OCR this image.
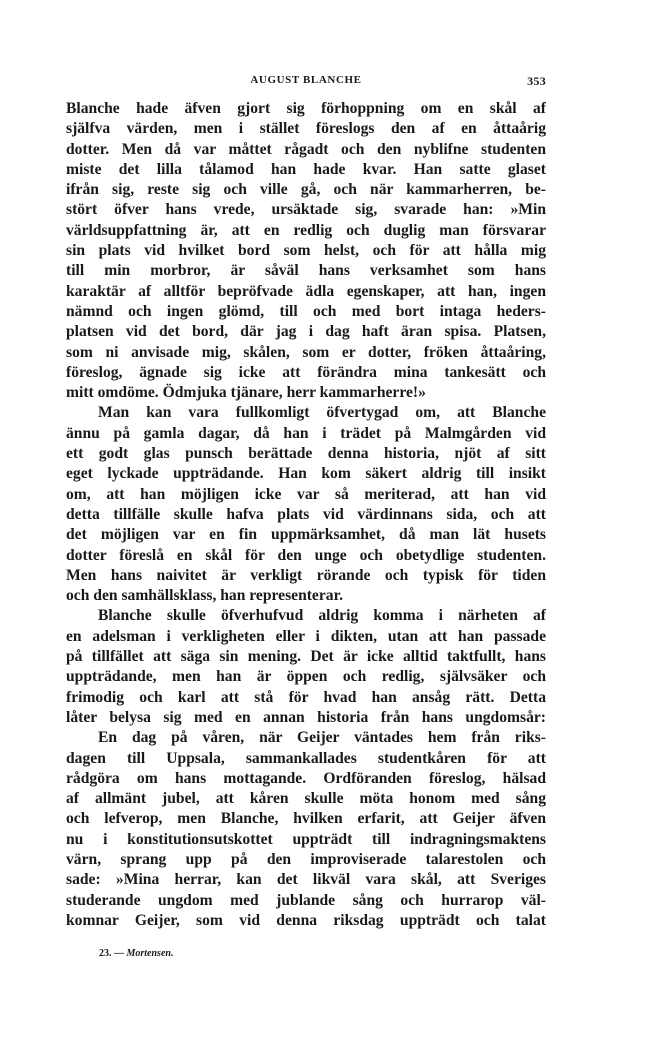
AUGUST BLANCHE	353
Blanche hade äfven gjort sig förhoppning om en skål af
själfva värden, men i stället föreslogs den af en åttaårig
dotter. Men då var måttet rågadt och den nyblifne studenten
miste det lilla tålamod han hade kvar. Han satte glaset
ifrån sig, reste sig och ville gå, och när kammarherren, be-
stört öfver hans vrede, ursäktade sig, svarade han: »Min
världsuppfattning är, att en redlig och duglig man försvarar
sin plats vid hvilket bord som helst, och för att hålla mig
till min morbror, är såväl hans verksamhet som hans
karaktär af alltför bepröfvade ädla egenskaper, att han, ingen
nämnd och ingen glömd, till och med bort intaga heders-
platsen vid det bord, där jag i dag haft äran spisa. Platsen,
som ni anvisade mig, skålen, som er dotter, fröken åttaåring,
föreslog, ägnade sig icke att förändra mina tankesätt och
mitt omdöme. Ödmjuka tjänare, herr kammarherre!»
Man kan vara fullkomligt öfvertygad om, att Blanche
ännu på gamla dagar, då han i trädet på Malmgården vid
ett godt glas punsch berättade denna historia, njöt af sitt
eget lyckade uppträdande. Han kom säkert aldrig till insikt
om, att han möjligen icke var så meriterad, att han vid
detta tillfälle skulle hafva plats vid värdinnans sida, och att
det möjligen var en fin uppmärksamhet, då man lät husets
dotter föreslå en skål för den unge och obetydlige studenten.
Men hans naivitet är verkligt rörande och typisk för tiden
och den samhällsklass, han representerar.
Blanche skulle öfverhufvud aldrig komma i närheten af
en adelsman i verkligheten eller i dikten, utan att han passade
på tillfället att säga sin mening. Det är icke alltid taktfullt, hans
uppträdande, men han är öppen och redlig, självsäker och
frimodig och karl att stå för hvad han ansåg rätt. Detta
låter belysa sig med en annan historia från hans ungdomsår:
En dag på våren, när Geijer väntades hem från riks-
dagen till Uppsala, sammankallades studentkåren för att
rådgöra om hans mottagande. Ordföranden föreslog, hälsad
af allmänt jubel, att kåren skulle möta honom med sång
och lefverop, men Blanche, hvilken erfarit, att Geijer äfven
nu i konstitutionsutskottet uppträdt till indragningsmaktens
värn, sprang upp på den improviserade talarestolen och
sade: »Mina herrar, kan det likväl vara skål, att Sveriges
studerande ungdom med jublande sång och hurrarop väl-
komnar Geijer, som vid denna riksdag uppträdt och talat
23. — Mortensen.
